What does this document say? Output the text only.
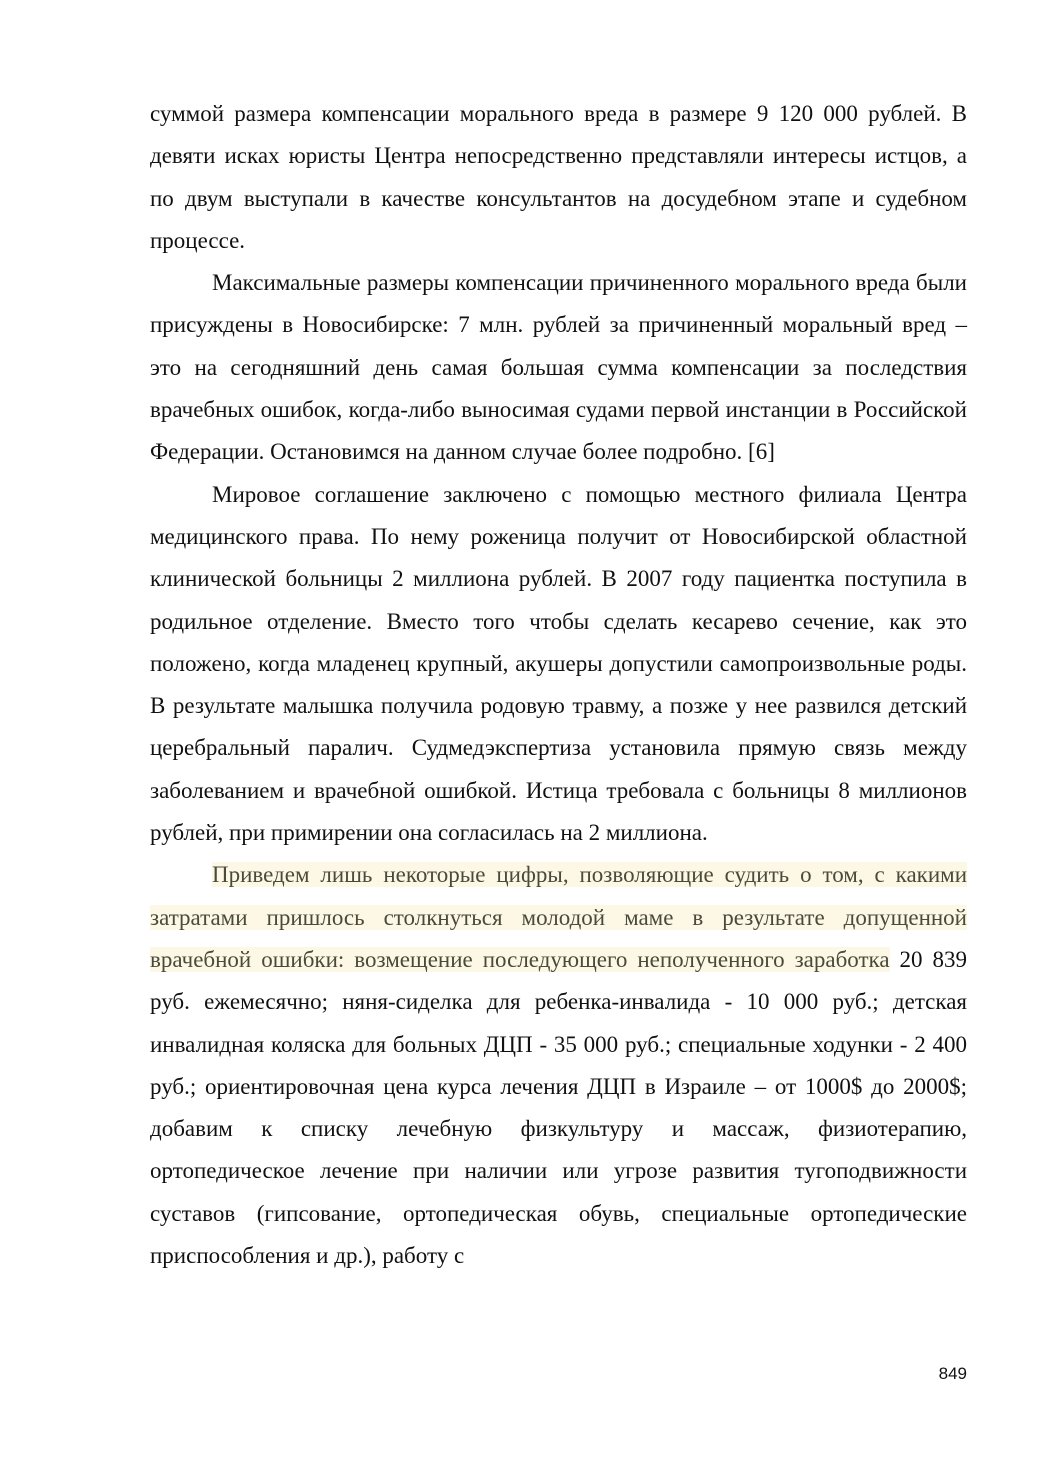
суммой размера компенсации морального вреда в размере 9 120 000 рублей. В девяти исках юристы Центра непосредственно представляли интересы истцов, а по двум выступали в качестве консультантов на досудебном этапе и судебном процессе.

Максимальные размеры компенсации причиненного морального вреда были присуждены в Новосибирске: 7 млн. рублей за причиненный моральный вред – это на сегодняшний день самая большая сумма компенсации за последствия врачебных ошибок, когда-либо выносимая судами первой инстанции в Российской Федерации. Остановимся на данном случае более подробно. [6]

Мировое соглашение заключено с помощью местного филиала Центра медицинского права. По нему роженица получит от Новосибирской областной клинической больницы 2 миллиона рублей. В 2007 году пациентка поступила в родильное отделение. Вместо того чтобы сделать кесарево сечение, как это положено, когда младенец крупный, акушеры допустили самопроизвольные роды. В результате малышка получила родовую травму, а позже у нее развился детский церебральный паралич. Судмедэкспертиза установила прямую связь между заболеванием и врачебной ошибкой. Истица требовала с больницы 8 миллионов рублей, при примирении она согласилась на 2 миллиона.

Приведем лишь некоторые цифры, позволяющие судить о том, с какими затратами пришлось столкнуться молодой маме в результате допущенной врачебной ошибки: возмещение последующего неполученного заработка 20 839 руб. ежемесячно; няня-сиделка для ребенка-инвалида - 10 000 руб.; детская инвалидная коляска для больных ДЦП - 35 000 руб.; специальные ходунки - 2 400 руб.; ориентировочная цена курса лечения ДЦП в Израиле – от 1000$ до 2000$; добавим к списку лечебную физкультуру и массаж, физиотерапию, ортопедическое лечение при наличии или угрозе развития тугоподвижности суставов (гипсование, ортопедическая обувь, специальные ортопедические приспособления и др.), работу с

849
